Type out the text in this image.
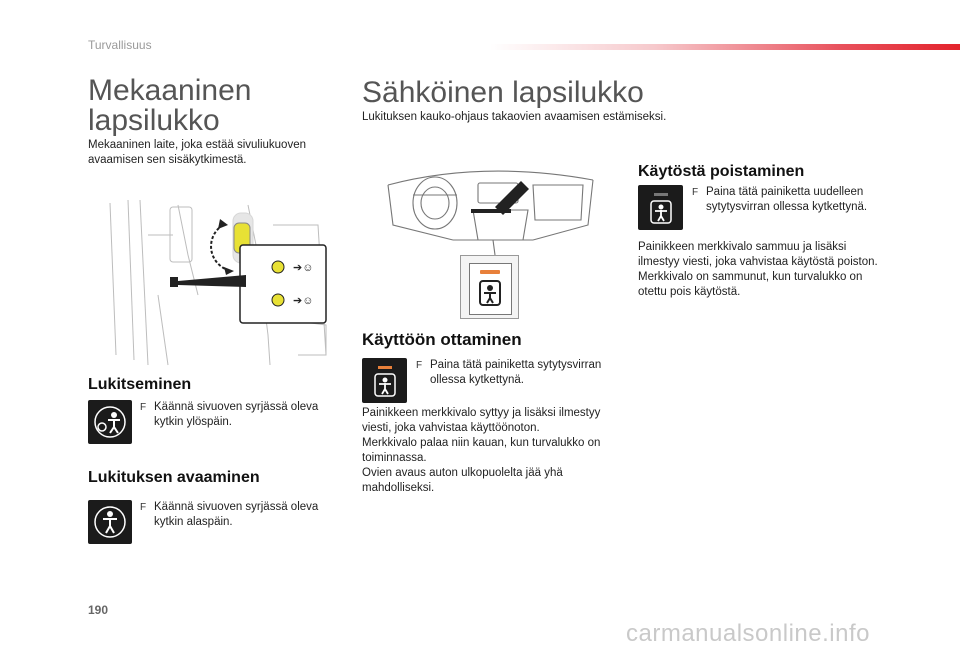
Turvallisuus
Mekaaninen
lapsilukko
Mekaaninen laite, joka estää sivuliukuoven
avaamisen sen sisäkytkimestä.
➔☺
➔☺
Lukitseminen
F Käännä sivuoven syrjässä oleva
kytkin ylöspäin.
Lukituksen avaaminen
F Käännä sivuoven syrjässä oleva
kytkin alaspäin.
Sähköinen lapsilukko
Lukituksen kauko-ohjaus takaovien avaamisen estämiseksi.
Käyttöön ottaminen
F Paina tätä painiketta sytytysvirran
ollessa kytkettynä.
Painikkeen merkkivalo syttyy ja lisäksi ilmestyy
viesti, joka vahvistaa käyttöönoton.
Merkkivalo palaa niin kauan, kun turvalukko on
toiminnassa.
Ovien avaus auton ulkopuolelta jää yhä
mahdolliseksi.
Käytöstä poistaminen
F Paina tätä painiketta uudelleen
sytytysvirran ollessa kytkettynä.
Painikkeen merkkivalo sammuu ja lisäksi
ilmestyy viesti, joka vahvistaa käytöstä poiston.
Merkkivalo on sammunut, kun turvalukko on
otettu pois käytöstä.
190
carmanualsonline.info
